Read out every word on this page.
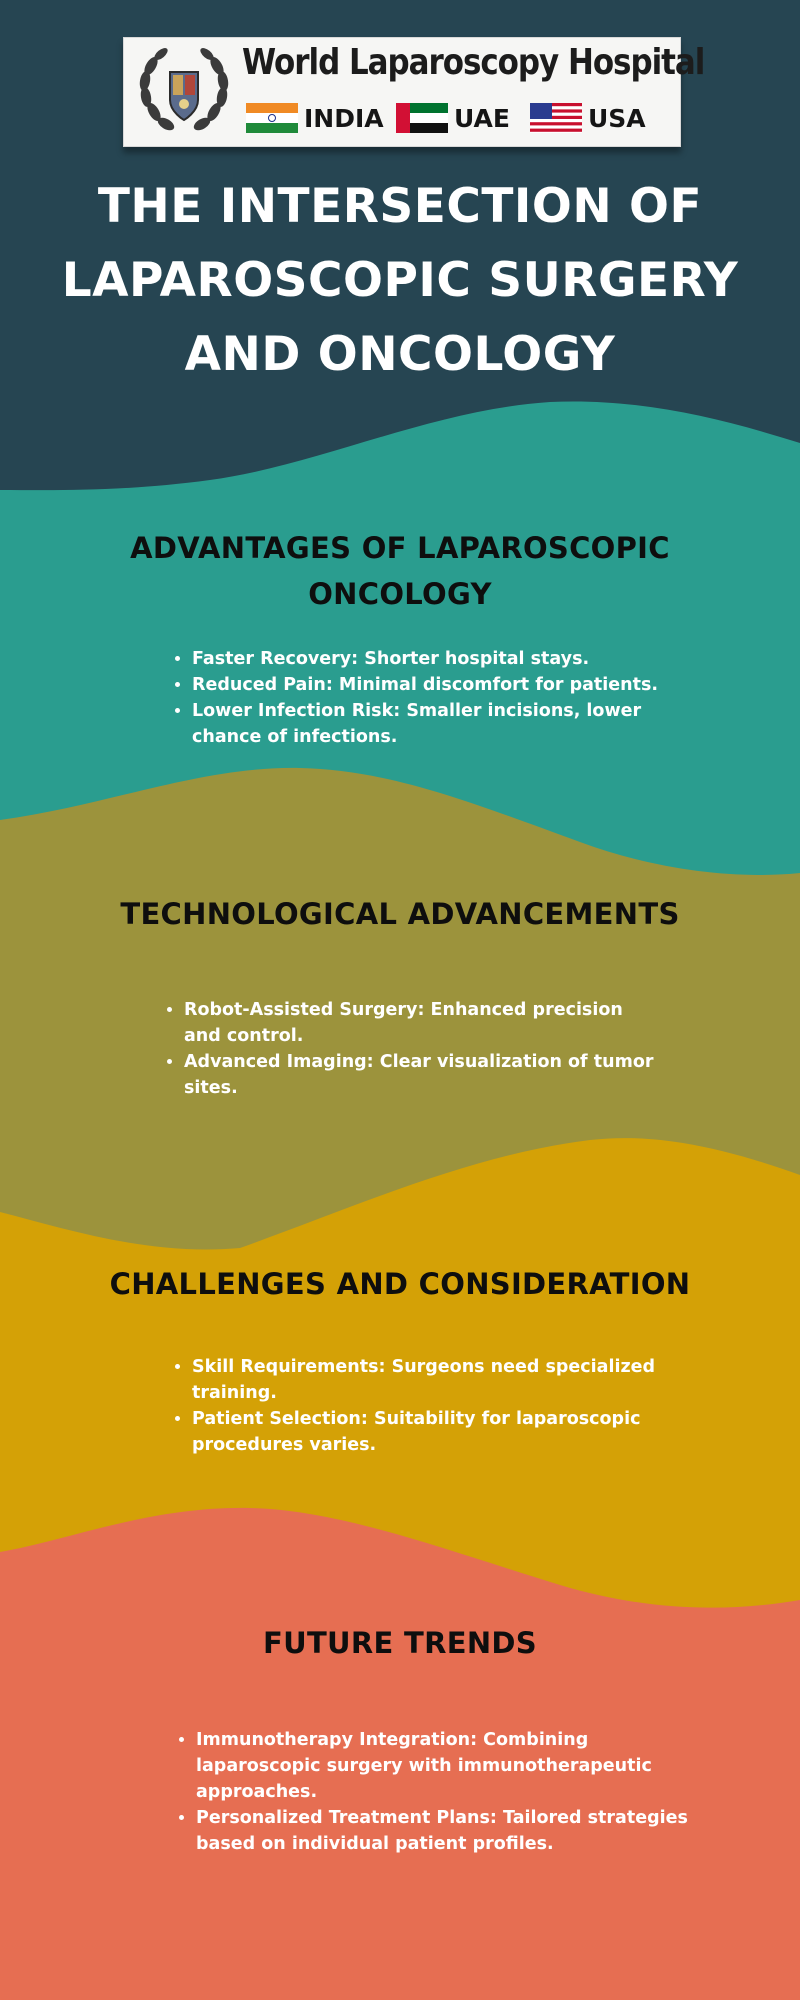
World Laparoscopy Hospital
INDIA	UAE	USA
THE INTERSECTION OF LAPAROSCOPIC SURGERY AND ONCOLOGY
ADVANTAGES OF LAPAROSCOPIC ONCOLOGY
• Faster Recovery: Shorter hospital stays.
• Reduced Pain: Minimal discomfort for patients.
• Lower Infection Risk: Smaller incisions, lower chance of infections.
TECHNOLOGICAL ADVANCEMENTS
• Robot-Assisted Surgery: Enhanced precision and control.
• Advanced Imaging: Clear visualization of tumor sites.
CHALLENGES AND CONSIDERATION
• Skill Requirements: Surgeons need specialized training.
• Patient Selection: Suitability for laparoscopic procedures varies.
FUTURE TRENDS
• Immunotherapy Integration: Combining laparoscopic surgery with immunotherapeutic approaches.
• Personalized Treatment Plans: Tailored strategies based on individual patient profiles.
